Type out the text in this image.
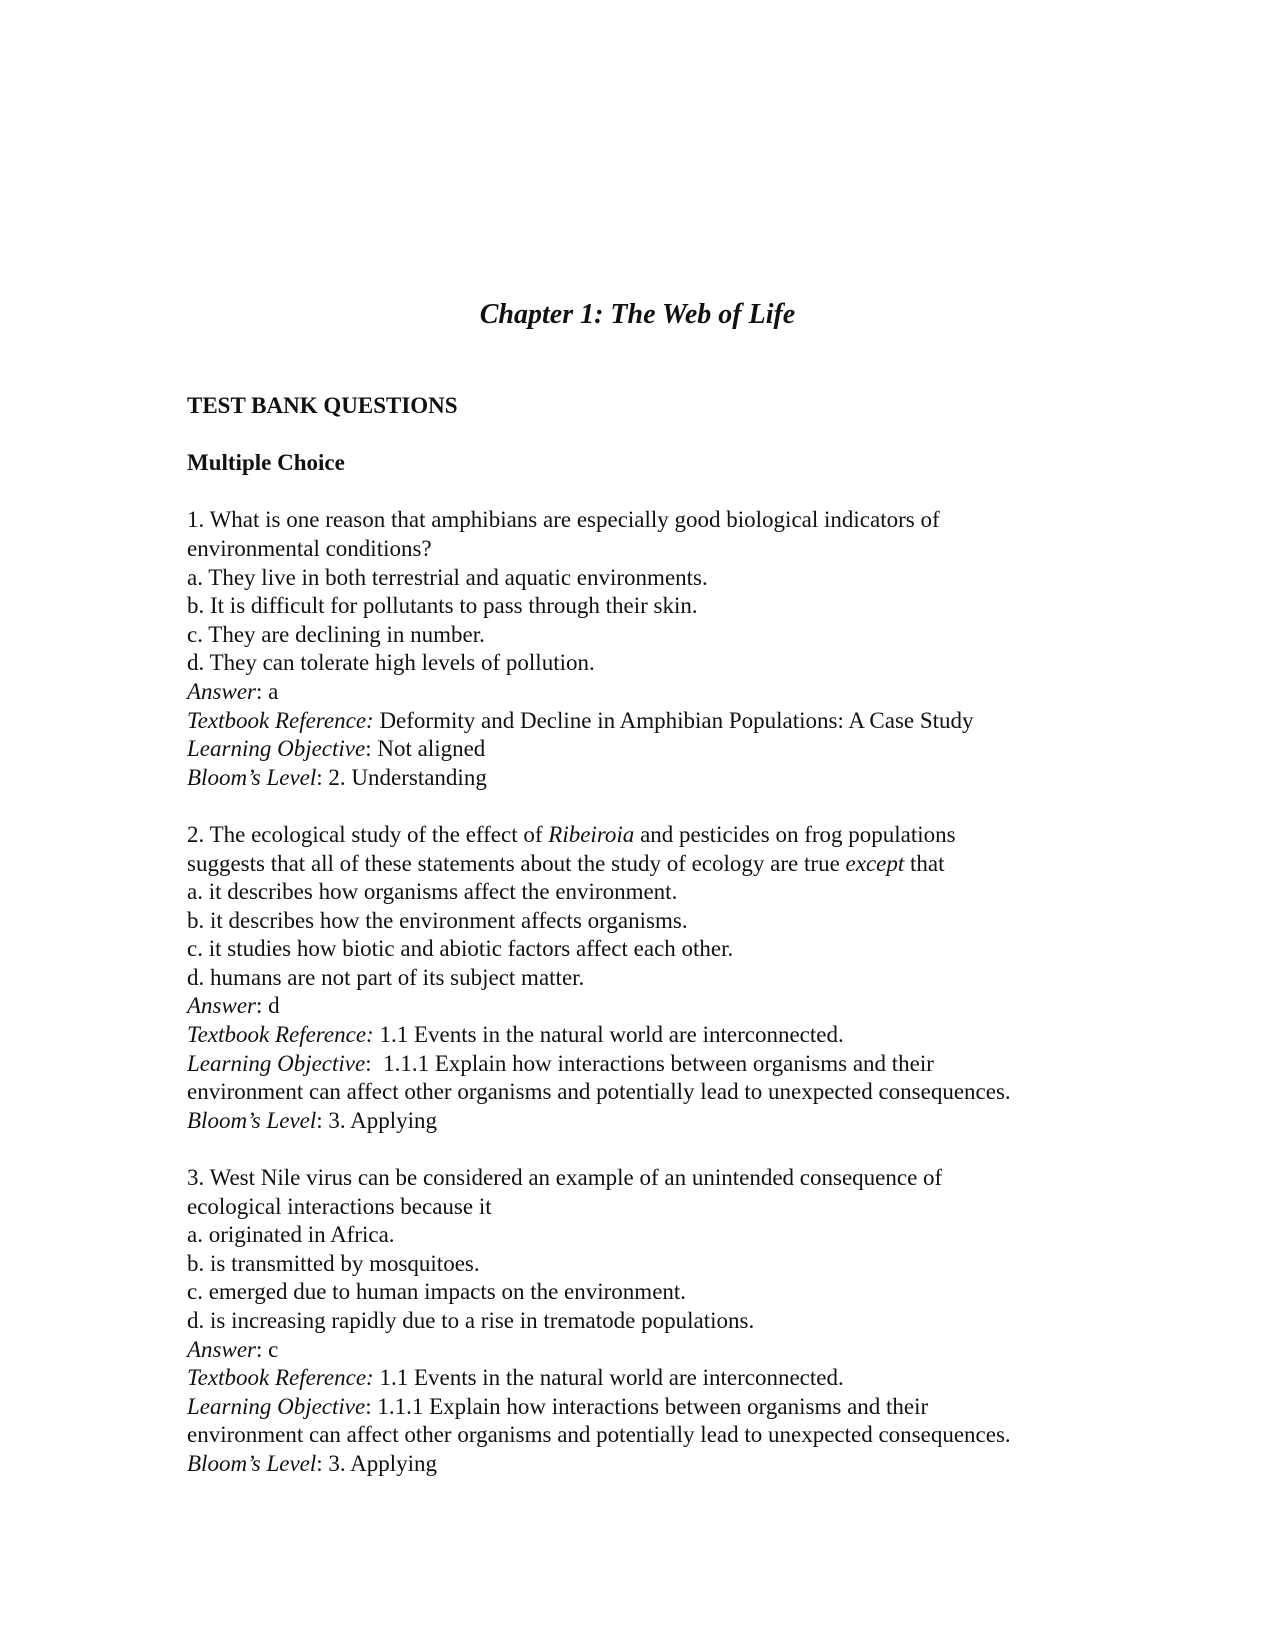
Chapter 1: The Web of Life

TEST BANK QUESTIONS

Multiple Choice

1. What is one reason that amphibians are especially good biological indicators of

environmental conditions?

a. They live in both terrestrial and aquatic environments.

b. It is difficult for pollutants to pass through their skin.

c. They are declining in number.

d. They can tolerate high levels of pollution.

Answer: a

Textbook Reference: Deformity and Decline in Amphibian Populations: A Case Study

Learning Objective: Not aligned

Bloom’s Level: 2. Understanding

2. The ecological study of the effect of Ribeiroia and pesticides on frog populations

suggests that all of these statements about the study of ecology are true except that

a. it describes how organisms affect the environment.

b. it describes how the environment affects organisms.

c. it studies how biotic and abiotic factors affect each other.

d. humans are not part of its subject matter.

Answer: d

Textbook Reference: 1.1 Events in the natural world are interconnected.

Learning Objective:  1.1.1 Explain how interactions between organisms and their

environment can affect other organisms and potentially lead to unexpected consequences.

Bloom’s Level: 3. Applying

3. West Nile virus can be considered an example of an unintended consequence of

ecological interactions because it

a. originated in Africa.

b. is transmitted by mosquitoes.

c. emerged due to human impacts on the environment.

d. is increasing rapidly due to a rise in trematode populations.

Answer: c

Textbook Reference: 1.1 Events in the natural world are interconnected.

Learning Objective: 1.1.1 Explain how interactions between organisms and their

environment can affect other organisms and potentially lead to unexpected consequences.

Bloom’s Level: 3. Applying
